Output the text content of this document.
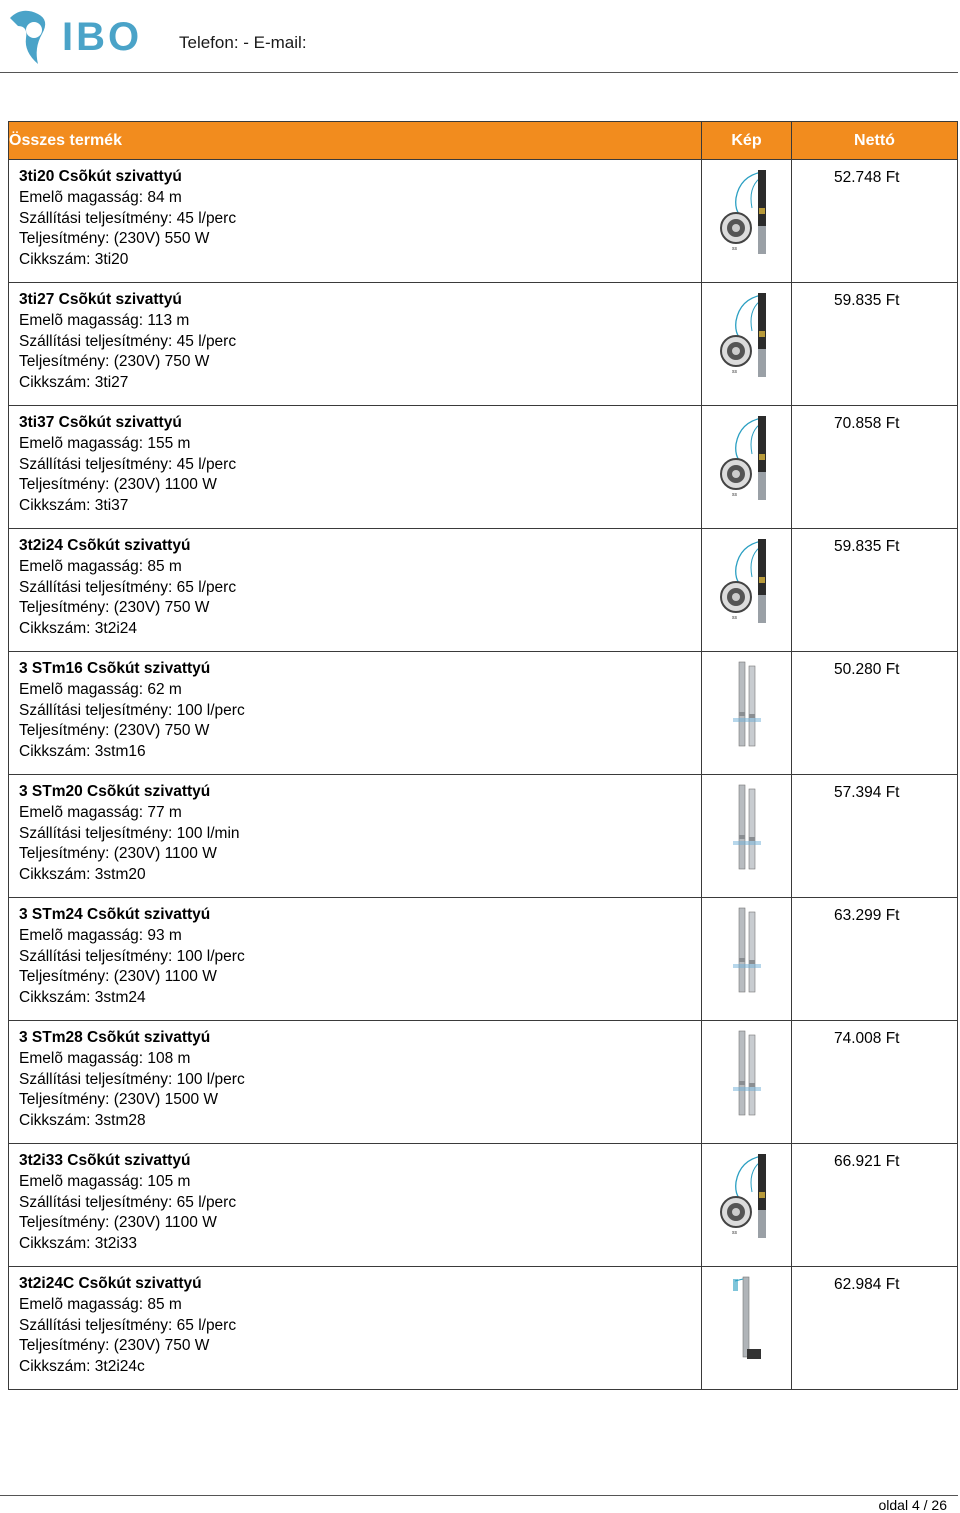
IBO Telefon: - E-mail:
Összes termék	Kép	Nettó

3ti20 Csõkút szivattyú
Emelõ magasság: 84 m
Szállítási teljesítmény: 45 l/perc
Teljesítmény: (230V) 550 W
Cikkszám: 3ti20	ss	52.748 Ft

3ti27 Csõkút szivattyú
Emelõ magasság: 113 m
Szállítási teljesítmény: 45 l/perc
Teljesítmény: (230V) 750 W
Cikkszám: 3ti27	ss	59.835 Ft

3ti37 Csõkút szivattyú
Emelõ magasság: 155 m
Szállítási teljesítmény: 45 l/perc
Teljesítmény: (230V) 1100 W
Cikkszám: 3ti37	ss	70.858 Ft

3t2i24 Csõkút szivattyú
Emelõ magasság: 85 m
Szállítási teljesítmény: 65 l/perc
Teljesítmény: (230V) 750 W
Cikkszám: 3t2i24	ss	59.835 Ft

3 STm16 Csõkút szivattyú
Emelõ magasság: 62 m
Szállítási teljesítmény: 100 l/perc
Teljesítmény: (230V) 750 W
Cikkszám: 3stm16		50.280 Ft

3 STm20 Csõkút szivattyú
Emelõ magasság: 77 m
Szállítási teljesítmény: 100 l/min
Teljesítmény: (230V) 1100 W
Cikkszám: 3stm20		57.394 Ft

3 STm24 Csõkút szivattyú
Emelõ magasság: 93 m
Szállítási teljesítmény: 100 l/perc
Teljesítmény: (230V) 1100 W
Cikkszám: 3stm24		63.299 Ft

3 STm28 Csõkút szivattyú
Emelõ magasság: 108 m
Szállítási teljesítmény: 100 l/perc
Teljesítmény: (230V) 1500 W
Cikkszám: 3stm28		74.008 Ft

3t2i33 Csõkút szivattyú
Emelõ magasság: 105 m
Szállítási teljesítmény: 65 l/perc
Teljesítmény: (230V) 1100 W
Cikkszám: 3t2i33	ss	66.921 Ft

3t2i24C Csõkút szivattyú
Emelõ magasság: 85 m
Szállítási teljesítmény: 65 l/perc
Teljesítmény: (230V) 750 W
Cikkszám: 3t2i24c		62.984 Ft
oldal 4 / 26
